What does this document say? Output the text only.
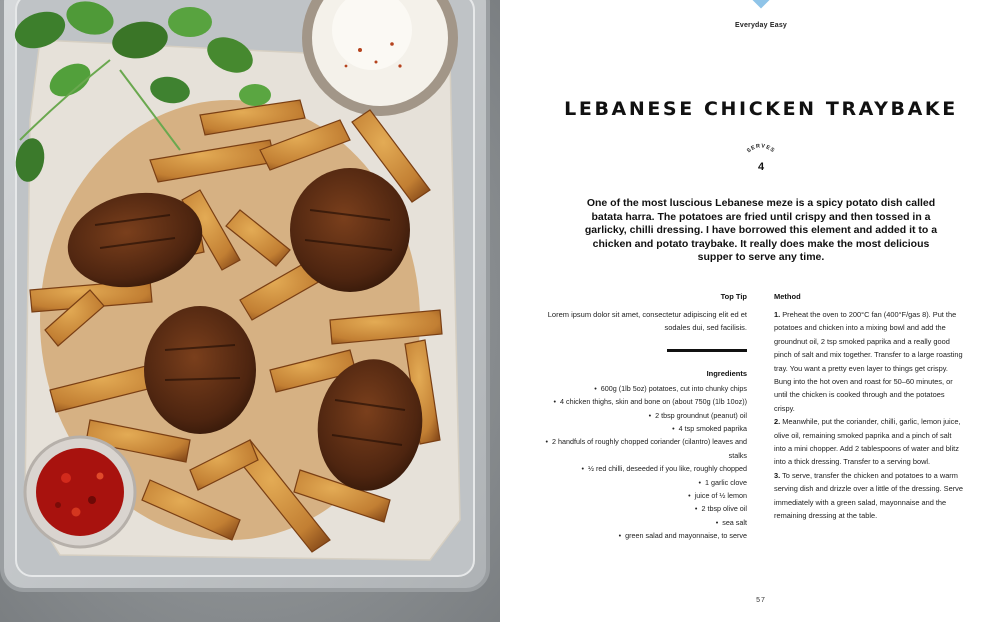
Everyday Easy
LEBANESE CHICKEN TRAYBAKE
SERVES
4

One of the most luscious Lebanese meze is a spicy potato dish called batata harra. The potatoes are fried until crispy and then tossed in a garlicky, chilli dressing. I have borrowed this element and added it to a chicken and potato traybake. It really does make the most delicious supper to serve any time.

Top Tip
Lorem ipsum dolor sit amet, consectetur adipiscing elit ed et sodales dui, sed facilisis.
Ingredients
• 600g (1lb 5oz) potatoes, cut into chunky chips
• 4 chicken thighs, skin and bone on (about 750g (1lb 10oz))
• 2 tbsp groundnut (peanut) oil
• 4 tsp smoked paprika
• 2 handfuls of roughly chopped coriander (cilantro) leaves and stalks
• ½ red chilli, deseeded if you like, roughly chopped
• 1 garlic clove
• juice of ½ lemon
• 2 tbsp olive oil
• sea salt
• green salad and mayonnaise, to serve
Method

1. Preheat the oven to 200°C fan (400°F/gas 8). Put the potatoes and chicken into a mixing bowl and add the groundnut oil, 2 tsp smoked paprika and a really good pinch of salt and mix together. Transfer to a large roasting tray. You want a pretty even layer to things get crispy. Bung into the hot oven and roast for 50–60 minutes, or until the chicken is cooked through and the potatoes crispy.

2. Meanwhile, put the coriander, chilli, garlic, lemon juice, olive oil, remaining smoked paprika and a pinch of salt into a mini chopper. Add 2 tablespoons of water and blitz into a thick dressing. Transfer to a serving bowl.

3. To serve, transfer the chicken and potatoes to a warm serving dish and drizzle over a little of the dressing. Serve immediately with a green salad, mayonnaise and the remaining dressing at the table.

57
